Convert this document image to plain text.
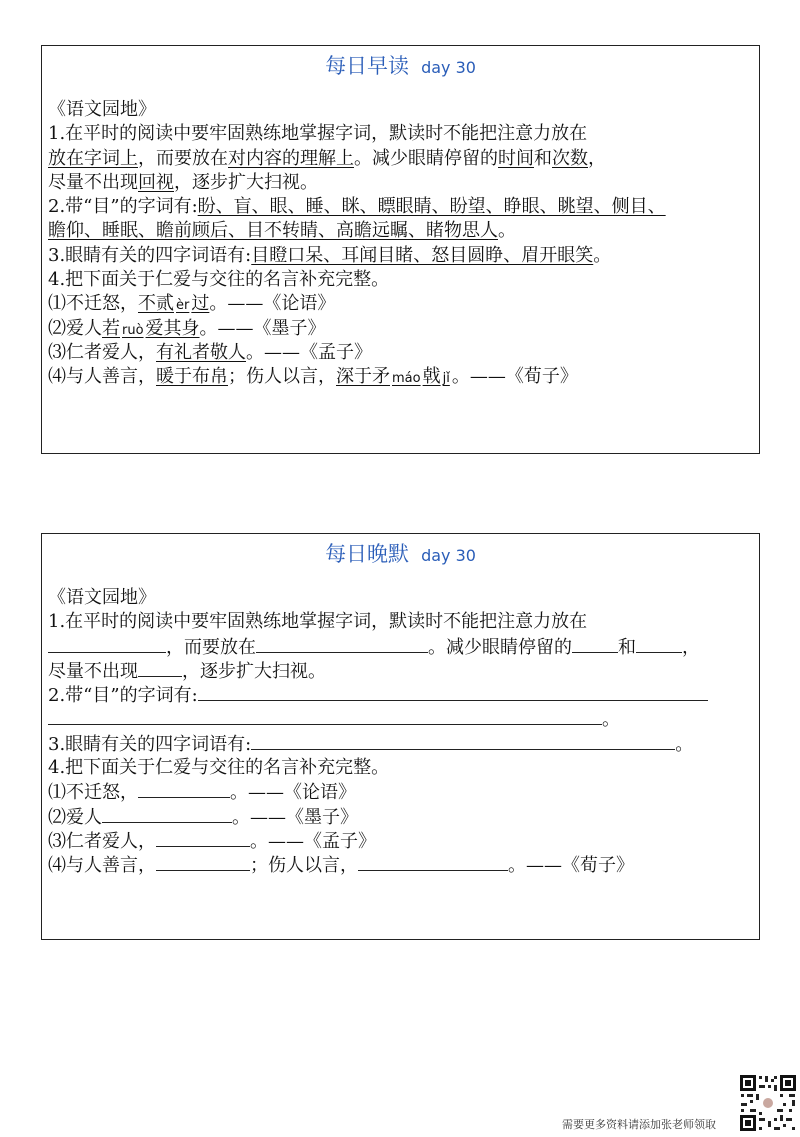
每日早读 day 30
《语文园地》
1.在平时的阅读中要牢固熟练地掌握字词，默读时不能把注意力放在
放在字词上，而要放在对内容的理解上。减少眼睛停留的时间和次数，
尽量不出现回视，逐步扩大扫视。
2.带“目”的字词有:盼、盲、眼、睡、眯、瞟眼睛、盼望、睁眼、眺望、侧目、
瞻仰、睡眠、瞻前顾后、目不转睛、高瞻远瞩、睹物思人。
3.眼睛有关的四字词语有:目瞪口呆、耳闻目睹、怒目圆睁、眉开眼笑。
4.把下面关于仁爱与交往的名言补充完整。
⑴不迁怒，不贰 èr 过。——《论语》
⑵爱人若 ruò 爱其身。——《墨子》
⑶仁者爱人，有礼者敬人。——《孟子》
⑷与人善言，暖于布帛；伤人以言，深于矛 máo 戟 jǐ 。——《荀子》
每日晚默 day 30
《语文园地》
1.在平时的阅读中要牢固熟练地掌握字词，默读时不能把注意力放在
，而要放在	。减少眼睛停留的	和	，
尽量不出现 ，逐步扩大扫视。
2.带“目”的字词有:
。
3.眼睛有关的四字词语有:	。
4.把下面关于仁爱与交往的名言补充完整。
⑴不迁怒，	。——《论语》
⑵爱人	。——《墨子》
⑶仁者爱人，	。——《孟子》
⑷与人善言，	；伤人以言，	。——《荀子》
需要更多资料请添加张老师领取
